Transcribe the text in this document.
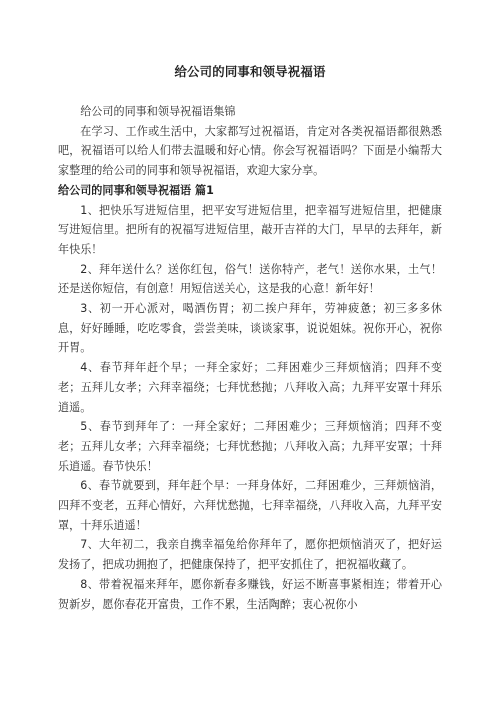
给公司的同事和领导祝福语

给公司的同事和领导祝福语集锦

在学习、工作或生活中，大家都写过祝福语，肯定对各类祝福语都很熟悉吧，祝福语可以给人们带去温暖和好心情。你会写祝福语吗？下面是小编帮大家整理的给公司的同事和领导祝福语，欢迎大家分享。

给公司的同事和领导祝福语 篇1

1、把快乐写进短信里，把平安写进短信里，把幸福写进短信里，把健康写进短信里。把所有的祝福写进短信里，敲开吉祥的大门，早早的去拜年，新年快乐！

2、拜年送什么？送你红包，俗气！送你特产，老气！送你水果，土气！还是送你短信，有创意！用短信送关心，这是我的心意！新年好！

3、初一开心派对，喝酒伤胃；初二挨户拜年，劳神疲惫；初三多多休息，好好睡睡，吃吃零食，尝尝美味，谈谈家事，说说姐妹。祝你开心，祝你开胃。

4、春节拜年赶个早；一拜全家好；二拜困难少三拜烦恼消；四拜不变老；五拜儿女孝；六拜幸福绕；七拜忧愁抛；八拜收入高；九拜平安罩十拜乐逍遥。

5、春节到拜年了：一拜全家好；二拜困难少；三拜烦恼消；四拜不变老；五拜儿女孝；六拜幸福绕；七拜忧愁抛；八拜收入高；九拜平安罩；十拜乐逍遥。春节快乐！

6、春节就要到，拜年赶个早：一拜身体好，二拜困难少，三拜烦恼消，四拜不变老，五拜心情好，六拜忧愁抛，七拜幸福绕，八拜收入高，九拜平安罩，十拜乐逍遥！

7、大年初二，我亲自携幸福兔给你拜年了，愿你把烦恼消灭了，把好运发扬了，把成功拥抱了，把健康保持了，把平安抓住了，把祝福收藏了。

8、带着祝福来拜年，愿你新春多赚钱，好运不断喜事紧相连；带着开心贺新岁，愿你春花开富贵，工作不累，生活陶醉；衷心祝你小
